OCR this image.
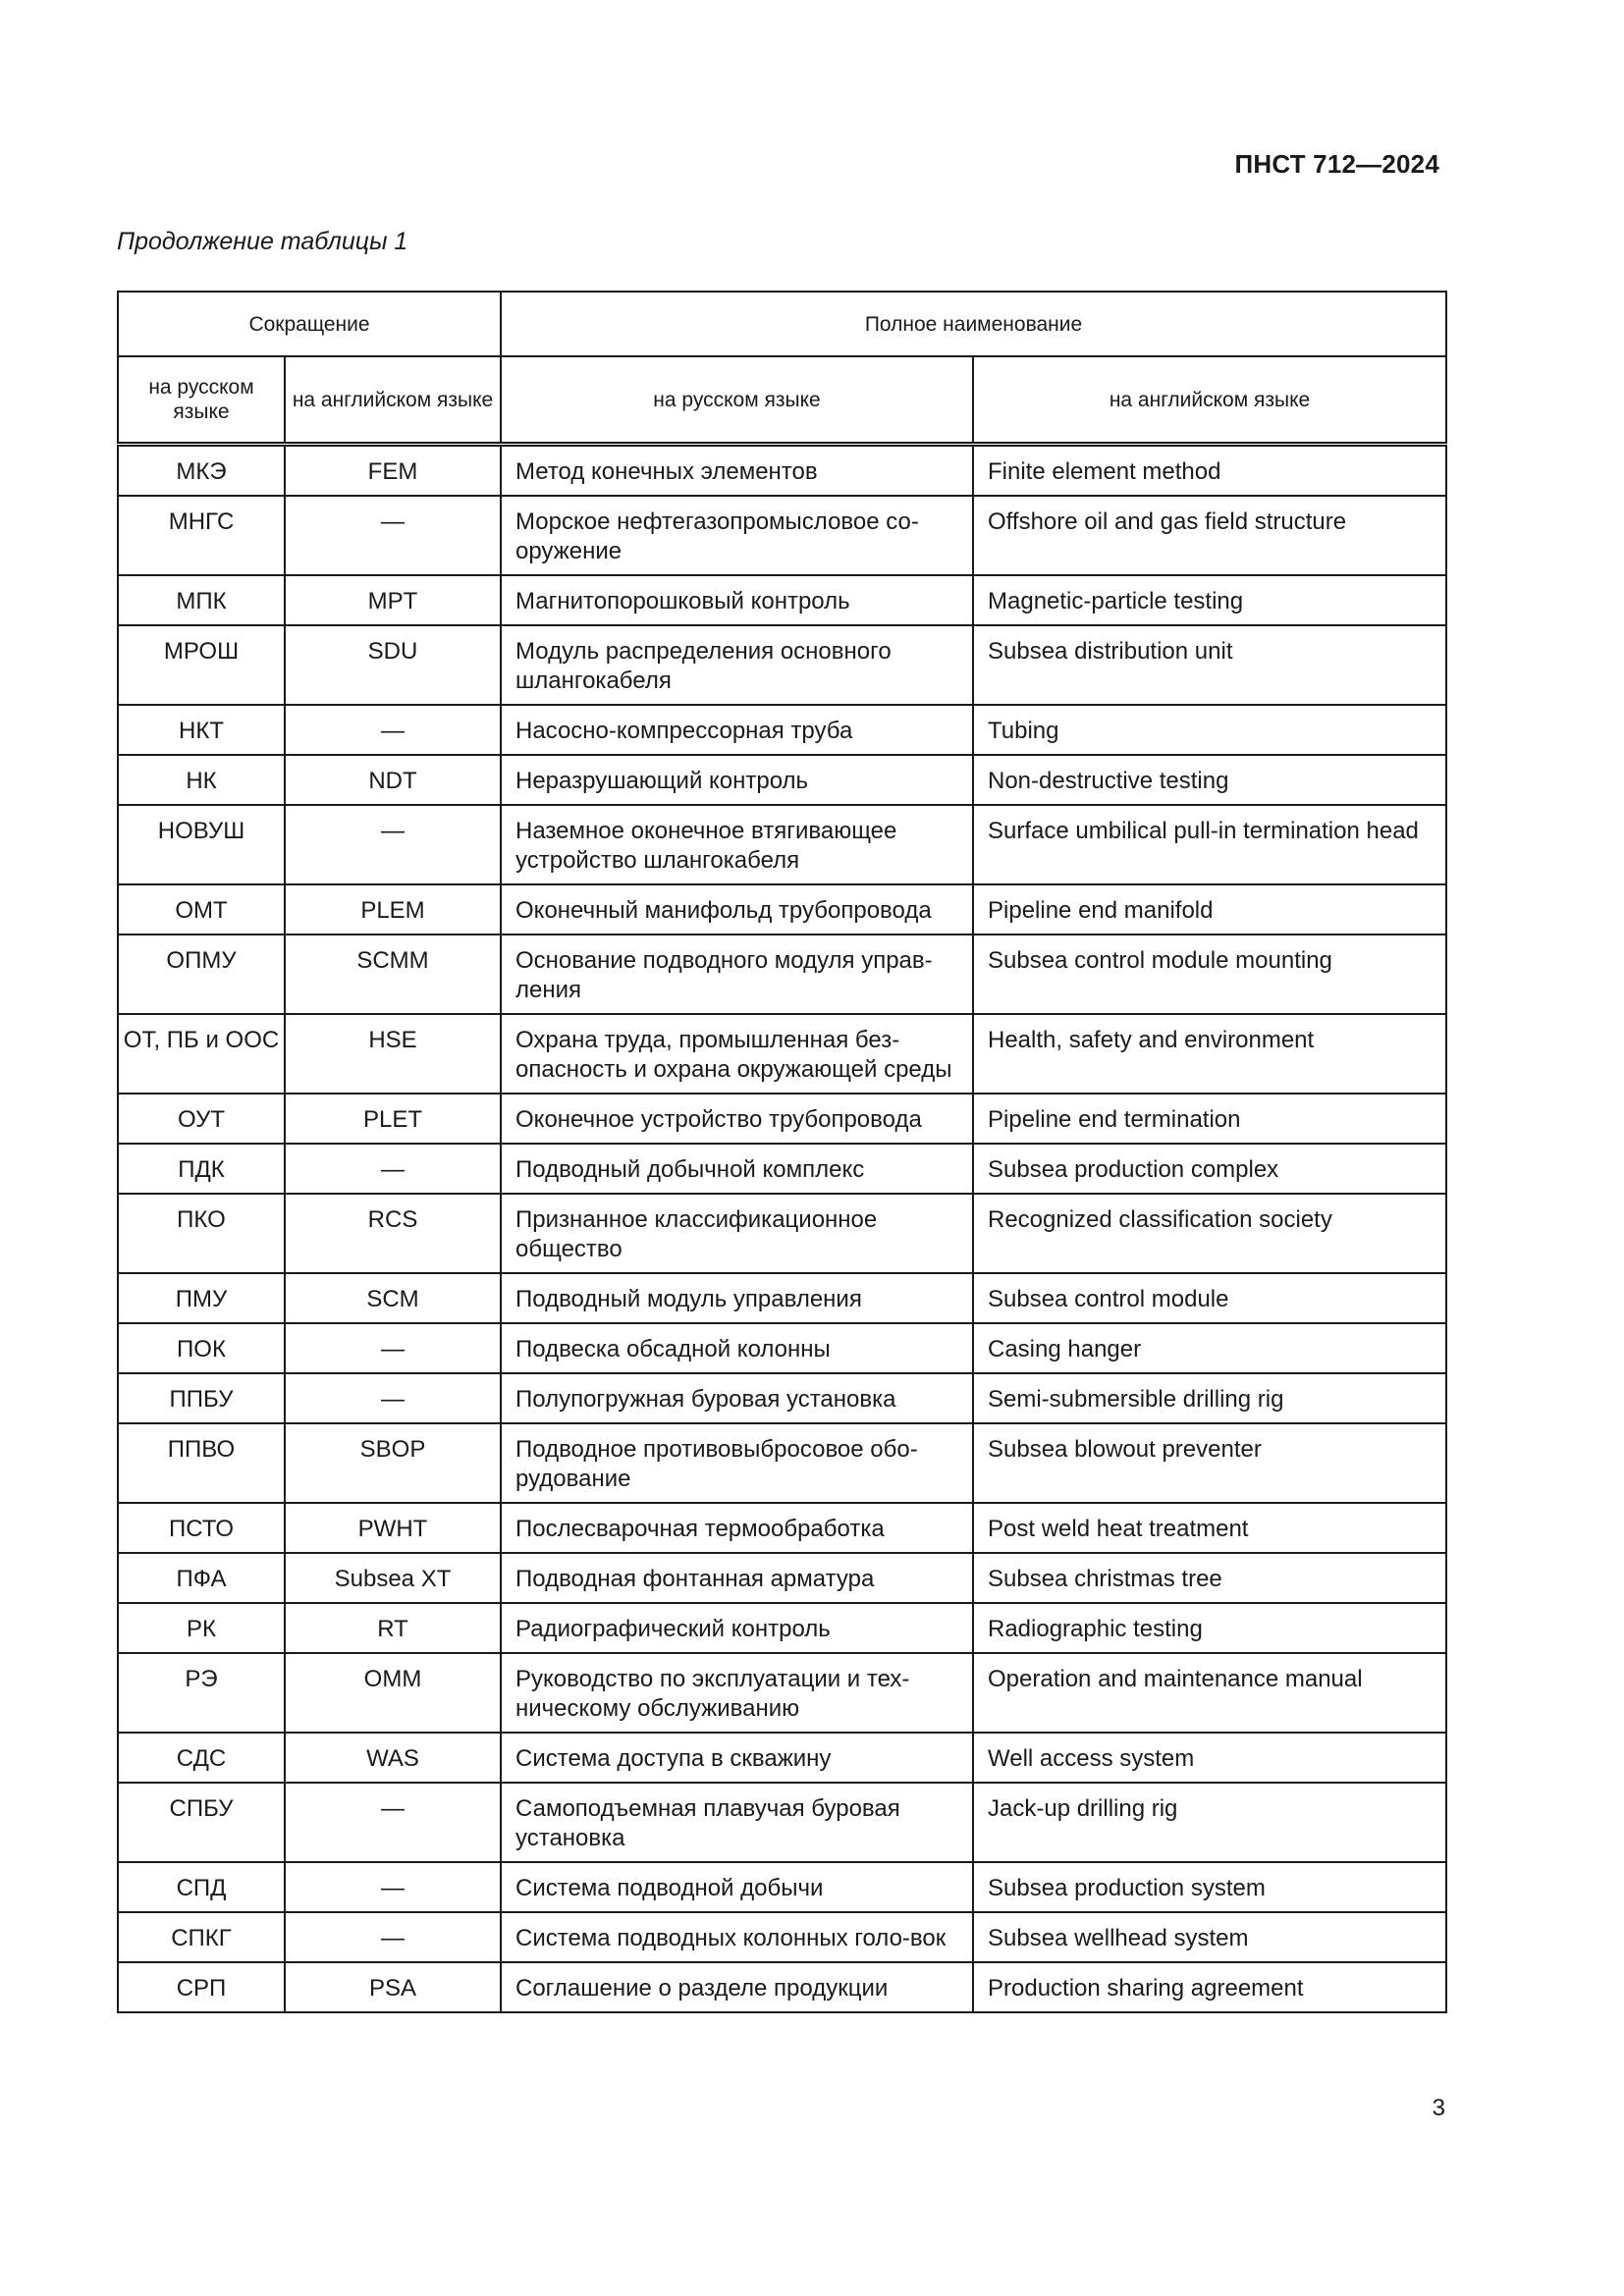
ПНСТ 712—2024
Продолжение таблицы 1
Сокращение		Полное наименование	
на русском языке	на английском языке	на русском языке	на английском языке
МКЭ	FEM	Метод конечных элементов	Finite element method
МНГС	—	Морское нефтегазопромысловое со-оружение	Offshore oil and gas field structure
МПК	MPT	Магнитопорошковый контроль	Magnetic-particle testing
МРОШ	SDU	Модуль распределения основного шлангокабеля	Subsea distribution unit
НКТ	—	Насосно-компрессорная труба	Tubing
НК	NDT	Неразрушающий контроль	Non-destructive testing
НОВУШ	—	Наземное оконечное втягивающее устройство шлангокабеля	Surface umbilical pull-in termination head
ОМТ	PLEM	Оконечный манифольд трубопровода	Pipeline end manifold
ОПМУ	SCMM	Основание подводного модуля управ-ления	Subsea control module mounting
ОТ, ПБ и ООС	HSE	Охрана труда, промышленная без-опасность и охрана окружающей среды	Health, safety and environment
ОУТ	PLET	Оконечное устройство трубопровода	Pipeline end termination
ПДК	—	Подводный добычной комплекс	Subsea production complex
ПКО	RCS	Признанное классификационное общество	Recognized classification society
ПМУ	SCM	Подводный модуль управления	Subsea control module
ПОК	—	Подвеска обсадной колонны	Casing hanger
ППБУ	—	Полупогружная буровая установка	Semi-submersible drilling rig
ППВО	SBOP	Подводное противовыбросовое обо-рудование	Subsea blowout preventer
ПСТО	PWHT	Послесварочная термообработка	Post weld heat treatment
ПФА	Subsea XT	Подводная фонтанная арматура	Subsea christmas tree
РК	RT	Радиографический контроль	Radiographic testing
РЭ	OMM	Руководство по эксплуатации и тех-ническому обслуживанию	Operation and maintenance manual
СДС	WAS	Система доступа в скважину	Well access system
СПБУ	—	Самоподъемная плавучая буровая установка	Jack-up drilling rig
СПД	—	Система подводной добычи	Subsea production system
СПКГ	—	Система подводных колонных голо-вок	Subsea wellhead system
СРП	PSA	Соглашение о разделе продукции	Production sharing agreement
3
